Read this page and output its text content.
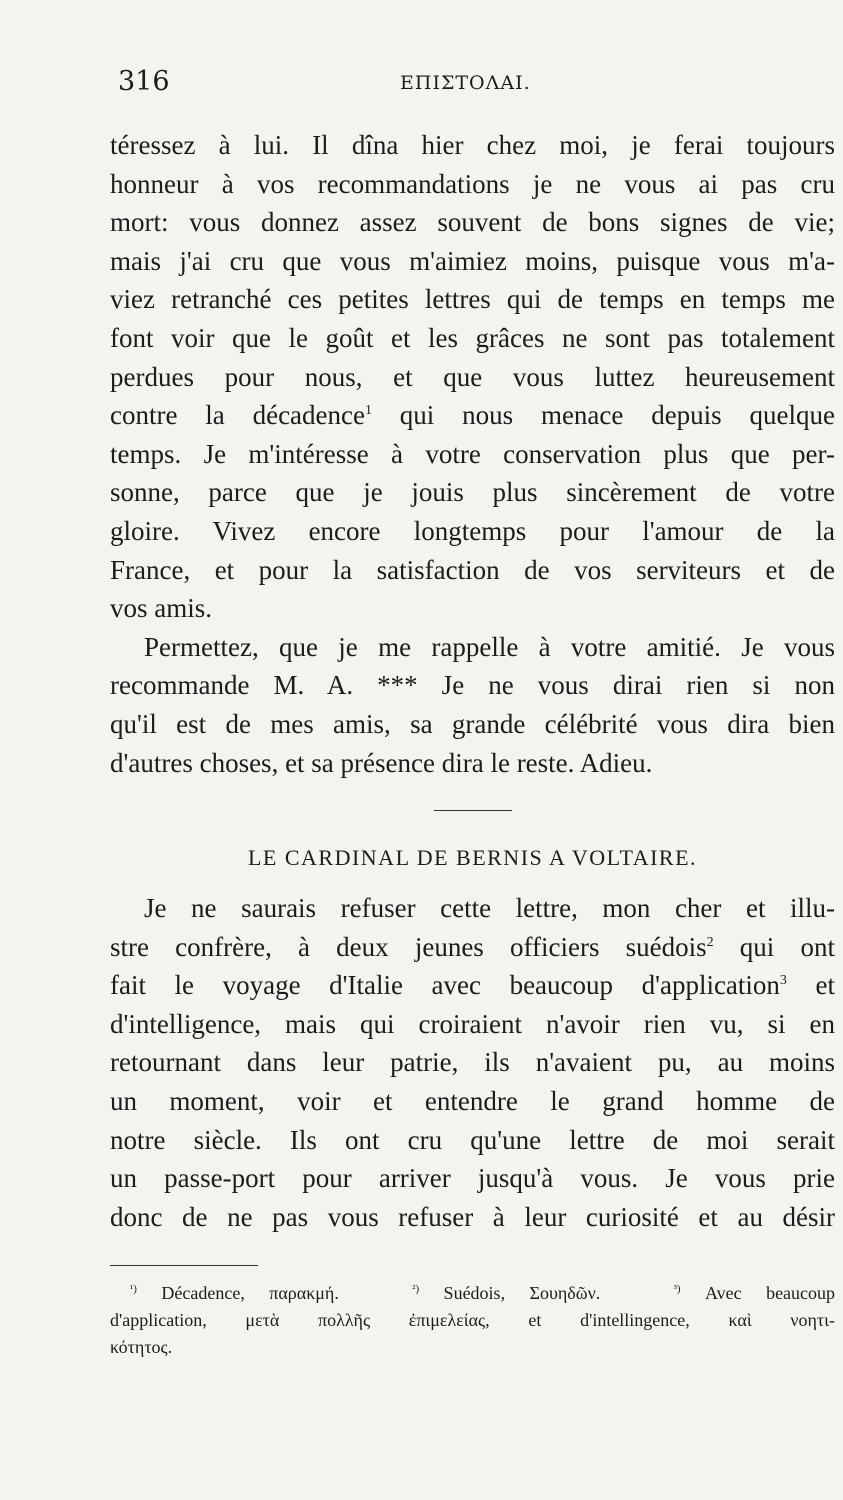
316	ΕΠΙΣΤΟΛΑΙ.
téressez à lui. Il dîna hier chez moi, je ferai toujours
honneur à vos recommandations je ne vous ai pas cru
mort: vous donnez assez souvent de bons signes de vie;
mais j'ai cru que vous m'aimiez moins, puisque vous m'a-
viez retranché ces petites lettres qui de temps en temps me
font voir que le goût et les grâces ne sont pas totalement
perdues pour nous, et que vous luttez heureusement
contre la décadence$^1$ qui nous menace depuis quelque
temps. Je m'intéresse à votre conservation plus que per-
sonne, parce que je jouis plus sincèrement de votre
gloire. Vivez encore longtemps pour l'amour de la
France, et pour la satisfaction de vos serviteurs et de
vos amis.
Permettez, que je me rappelle à votre amitié. Je vous
recommande M. A. *** Je ne vous dirai rien si non
qu'il est de mes amis, sa grande célébrité vous dira bien
d'autres choses, et sa présence dira le reste. Adieu.
LE CARDINAL DE BERNIS A VOLTAIRE.
Je ne saurais refuser cette lettre, mon cher et illu-
stre confrère, à deux jeunes officiers suédois$^2$ qui ont
fait le voyage d'Italie avec beaucoup d'application$^3$ et
d'intelligence, mais qui croiraient n'avoir rien vu, si en
retournant dans leur patrie, ils n'avaient pu, au moins
un moment, voir et entendre le grand homme de
notre siècle. Ils ont cru qu'une lettre de moi serait
un passe-port pour arriver jusqu'à vous. Je vous prie
donc de ne pas vous refuser à leur curiosité et au désir
$^{^1)}$ Décadence, παρακμή.	$^{^2)}$ Suédois, Σουηδῶν.	$^{^3)}$ Avec beaucoup
d'application, μετὰ πολλῆς ἐπιμελείας, et d'intellingence, καὶ νοητι-
κότητος.
